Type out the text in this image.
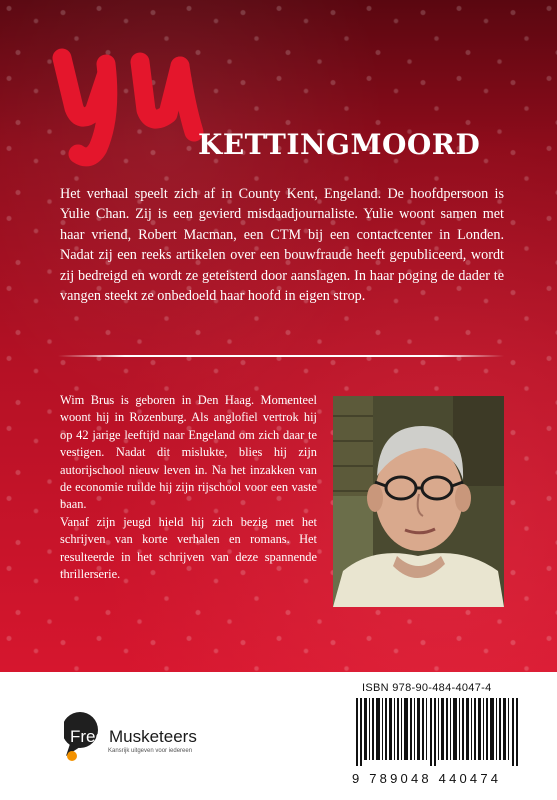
KETTINGMOORD
Het verhaal speelt zich af in County Kent, Engeland. De hoofdpersoon is Yulie Chan. Zij is een gevierd misdaadjournaliste. Yulie woont samen met haar vriend, Robert Macman, een CTM bij een contactcenter in Londen. Nadat zij een reeks artikelen over een bouwfraude heeft gepubliceerd, wordt zij bedreigd en wordt ze geteisterd door aanslagen. In haar poging de dader te vangen steekt ze onbedoeld haar hoofd in eigen strop.

Wim Brus is geboren in Den Haag. Momenteel woont hij in Rozenburg. Als anglofiel vertrok hij op 42 jarige leeftijd naar Engeland om zich daar te vestigen. Nadat dit mislukte, blies hij zijn autorijschool nieuw leven in. Na het inzakken van de economie ruilde hij zijn rijschool voor een vaste baan.

Vanaf zijn jeugd hield hij zich bezig met het schrijven van korte verhalen en romans. Het resulteerde in het schrijven van deze spannende thrillerserie.

Free Musketeers
Kansrijk uitgeven voor iedereen
ISBN 978-90-484-4047-4
9 789048 440474
